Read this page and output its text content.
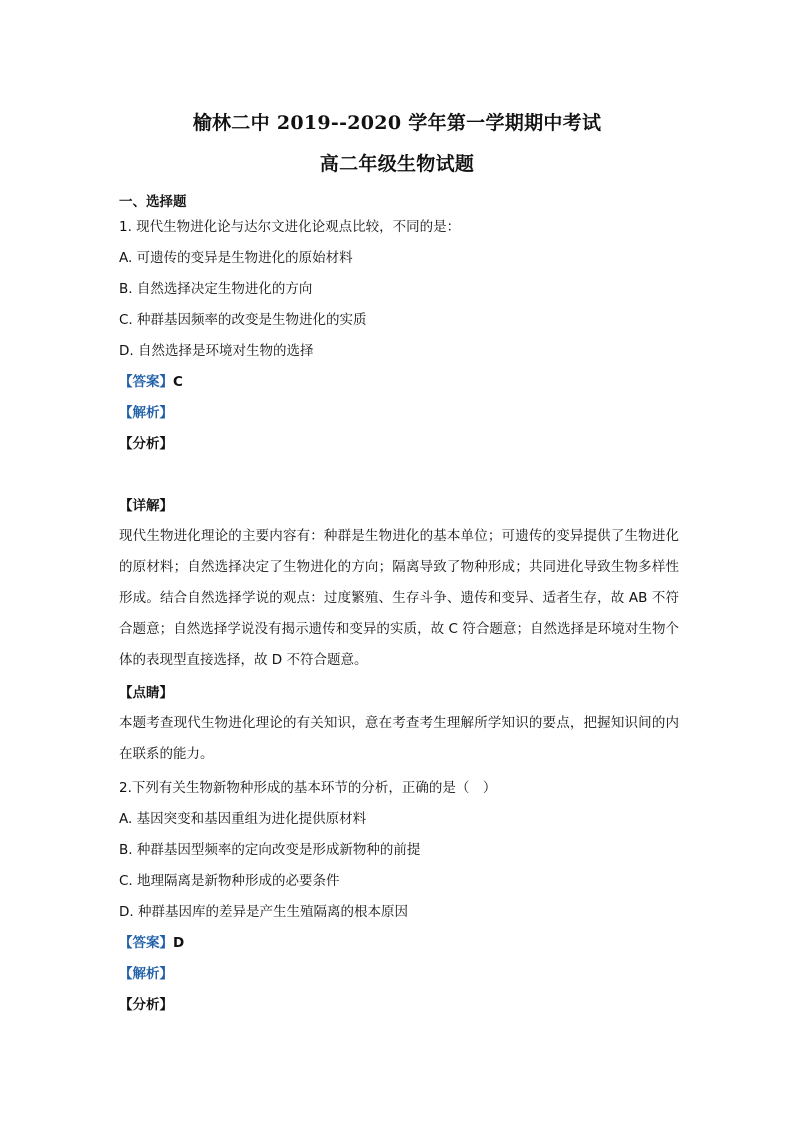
榆林二中 2019--2020 学年第一学期期中考试
高二年级生物试题
一、选择题
1. 现代生物进化论与达尔文进化论观点比较，不同的是：
A. 可遗传的变异是生物进化的原始材料
B. 自然选择决定生物进化的方向
C. 种群基因频率的改变是生物进化的实质
D. 自然选择是环境对生物的选择
【答案】C
【解析】
【分析】
【详解】
现代生物进化理论的主要内容有：种群是生物进化的基本单位；可遗传的变异提供了生物进化的原材料；自然选择决定了生物进化的方向；隔离导致了物种形成；共同进化导致生物多样性形成。结合自然选择学说的观点：过度繁殖、生存斗争、遗传和变异、适者生存，故 AB 不符合题意；自然选择学说没有揭示遗传和变异的实质，故 C 符合题意；自然选择是环境对生物个体的表现型直接选择，故 D 不符合题意。
【点睛】
本题考查现代生物进化理论的有关知识，意在考查考生理解所学知识的要点，把握知识间的内在联系的能力。
2.下列有关生物新物种形成的基本环节的分析，正确的是（　）
A. 基因突变和基因重组为进化提供原材料
B. 种群基因型频率的定向改变是形成新物种的前提
C. 地理隔离是新物种形成的必要条件
D. 种群基因库的差异是产生生殖隔离的根本原因
【答案】D
【解析】
【分析】
